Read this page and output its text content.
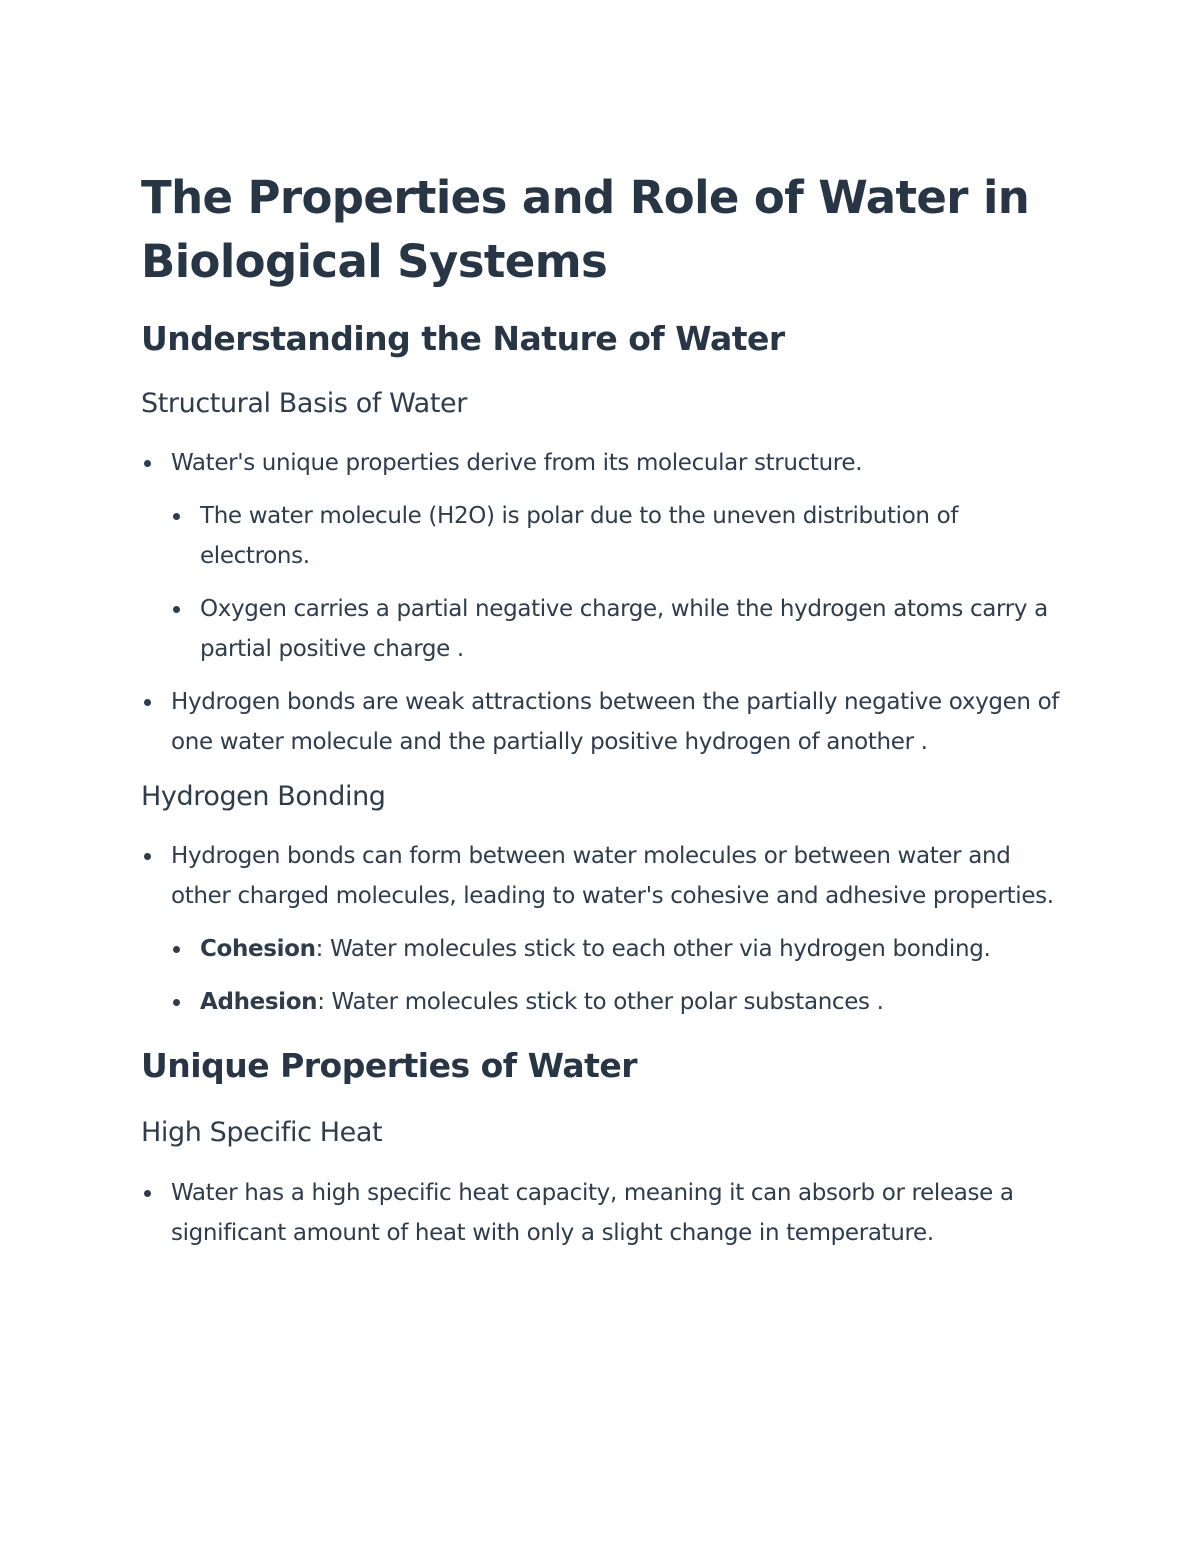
The Properties and Role of Water in Biological Systems
Understanding the Nature of Water
Structural Basis of Water
Water's unique properties derive from its molecular structure.
The water molecule (H2O) is polar due to the uneven distribution of electrons.
Oxygen carries a partial negative charge, while the hydrogen atoms carry a partial positive charge .
Hydrogen bonds are weak attractions between the partially negative oxygen of one water molecule and the partially positive hydrogen of another .
Hydrogen Bonding
Hydrogen bonds can form between water molecules or between water and other charged molecules, leading to water's cohesive and adhesive properties.
Cohesion: Water molecules stick to each other via hydrogen bonding.
Adhesion: Water molecules stick to other polar substances .
Unique Properties of Water
High Specific Heat
Water has a high specific heat capacity, meaning it can absorb or release a significant amount of heat with only a slight change in temperature.
